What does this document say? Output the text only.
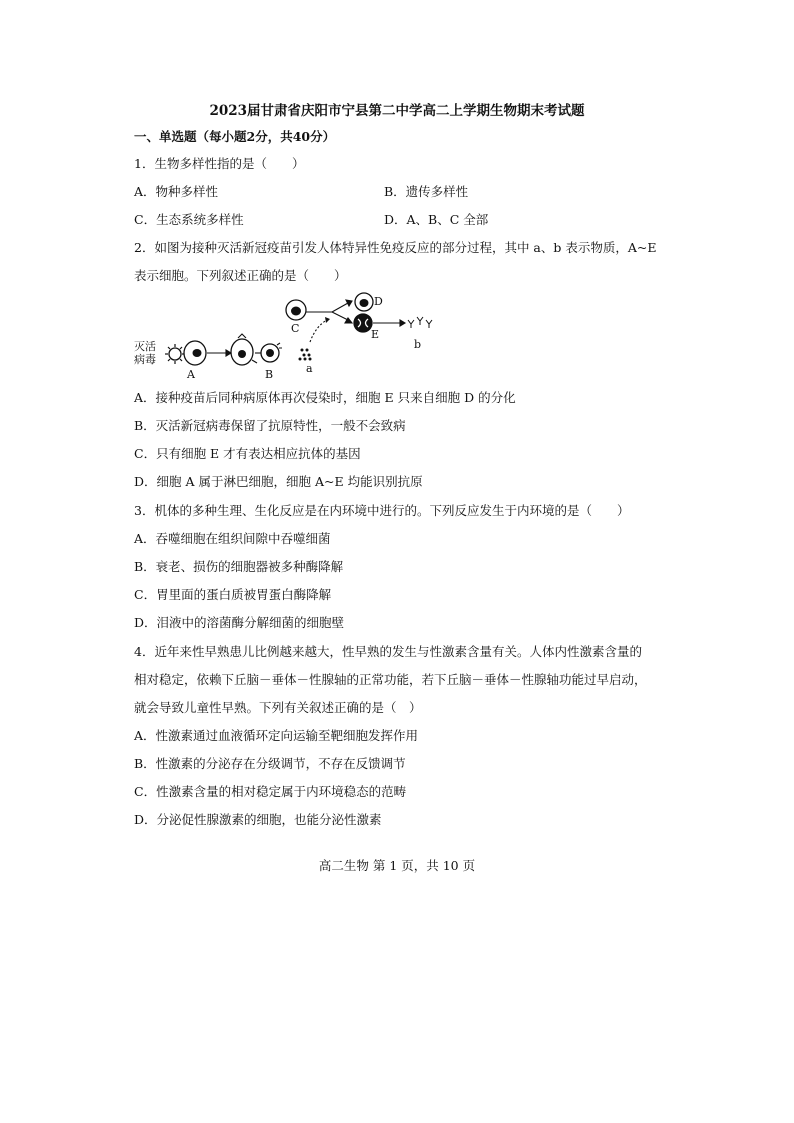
2023届甘肃省庆阳市宁县第二中学高二上学期生物期末考试题
一、单选题（每小题2分，共40分）
1．生物多样性指的是（　　）
A．物种多样性	B．遗传多样性
C．生态系统多样性	D．A、B、C 全部
2．如图为接种灭活新冠疫苗引发人体特异性免疫反应的部分过程，其中 a、b 表示物质，A~E
表示细胞。下列叙述正确的是（　　）
灭活
病毒
A	B	a
C
D
E
b
A．接种疫苗后同种病原体再次侵染时，细胞 E 只来自细胞 D 的分化
B．灭活新冠病毒保留了抗原特性，一般不会致病
C．只有细胞 E 才有表达相应抗体的基因
D．细胞 A 属于淋巴细胞，细胞 A~E 均能识别抗原
3．机体的多种生理、生化反应是在内环境中进行的。下列反应发生于内环境的是（　　）
A．吞噬细胞在组织间隙中吞噬细菌
B．衰老、损伤的细胞器被多种酶降解
C．胃里面的蛋白质被胃蛋白酶降解
D．泪液中的溶菌酶分解细菌的细胞壁
4．近年来性早熟患儿比例越来越大，性早熟的发生与性激素含量有关。人体内性激素含量的
相对稳定，依赖下丘脑－垂体－性腺轴的正常功能，若下丘脑－垂体－性腺轴功能过早启动，
就会导致儿童性早熟。下列有关叙述正确的是（　）
A．性激素通过血液循环定向运输至靶细胞发挥作用
B．性激素的分泌存在分级调节，不存在反馈调节
C．性激素含量的相对稳定属于内环境稳态的范畴
D．分泌促性腺激素的细胞，也能分泌性激素
高二生物 第 1 页，共 10 页
